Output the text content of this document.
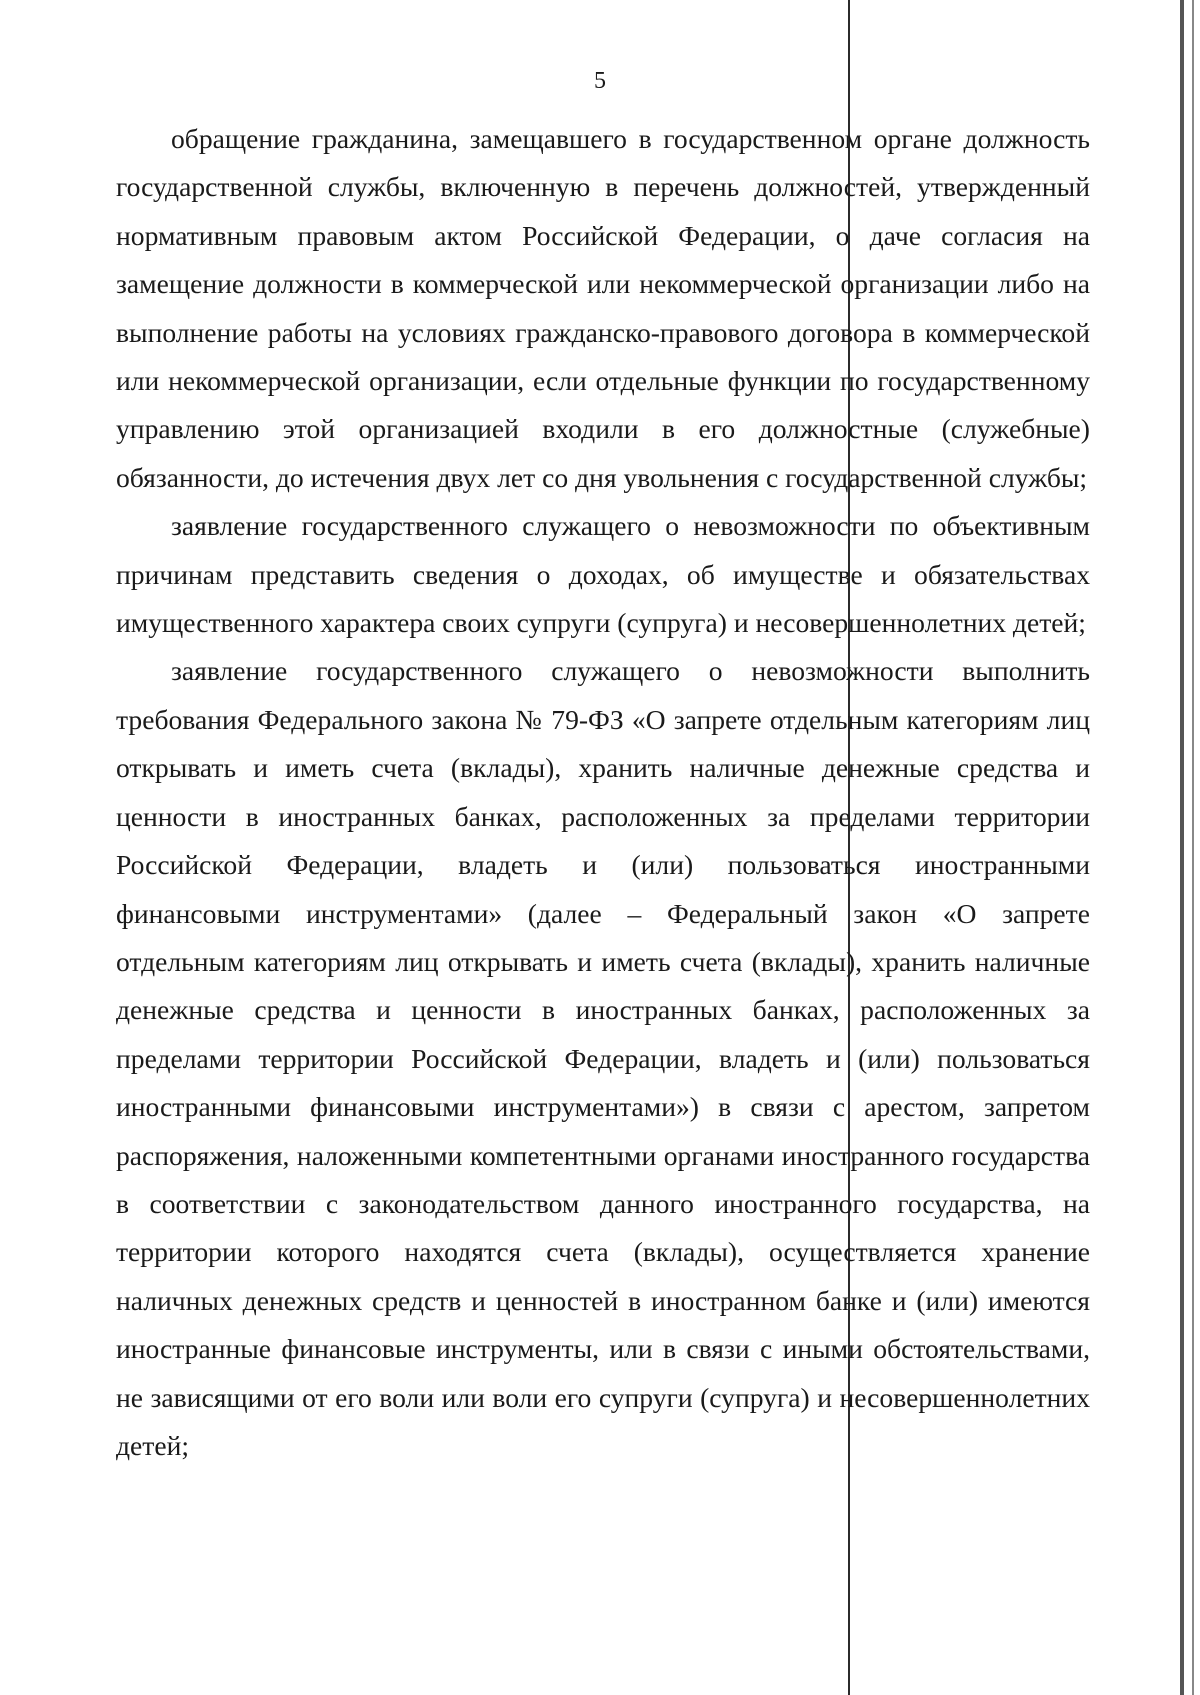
5

обращение гражданина, замещавшего в государственном органе должность государственной службы, включенную в перечень должностей, утвержденный нормативным правовым актом Российской Федерации, о даче согласия на замещение должности в коммерческой или некоммерческой организации либо на выполнение работы на условиях гражданско-правового договора в коммерческой или некоммерческой организации, если отдельные функции по государственному управлению этой организацией входили в его должностные (служебные) обязанности, до истечения двух лет со дня увольнения с государственной службы;

заявление государственного служащего о невозможности по объективным причинам представить сведения о доходах, об имуществе и обязательствах имущественного характера своих супруги (супруга) и несовершеннолетних детей;

заявление государственного служащего о невозможности выполнить требования Федерального закона № 79-ФЗ «О запрете отдельным категориям лиц открывать и иметь счета (вклады), хранить наличные денежные средства и ценности в иностранных банках, расположенных за пределами территории Российской Федерации, владеть и (или) пользоваться иностранными финансовыми инструментами» (далее – Федеральный закон «О запрете отдельным категориям лиц открывать и иметь счета (вклады), хранить наличные денежные средства и ценности в иностранных банках, расположенных за пределами территории Российской Федерации, владеть и (или) пользоваться иностранными финансовыми инструментами») в связи с арестом, запретом распоряжения, наложенными компетентными органами иностранного государства в соответствии с законодательством данного иностранного государства, на территории которого находятся счета (вклады), осуществляется хранение наличных денежных средств и ценностей в иностранном банке и (или) имеются иностранные финансовые инструменты, или в связи с иными обстоятельствами, не зависящими от его воли или воли его супруги (супруга) и несовершеннолетних детей;
